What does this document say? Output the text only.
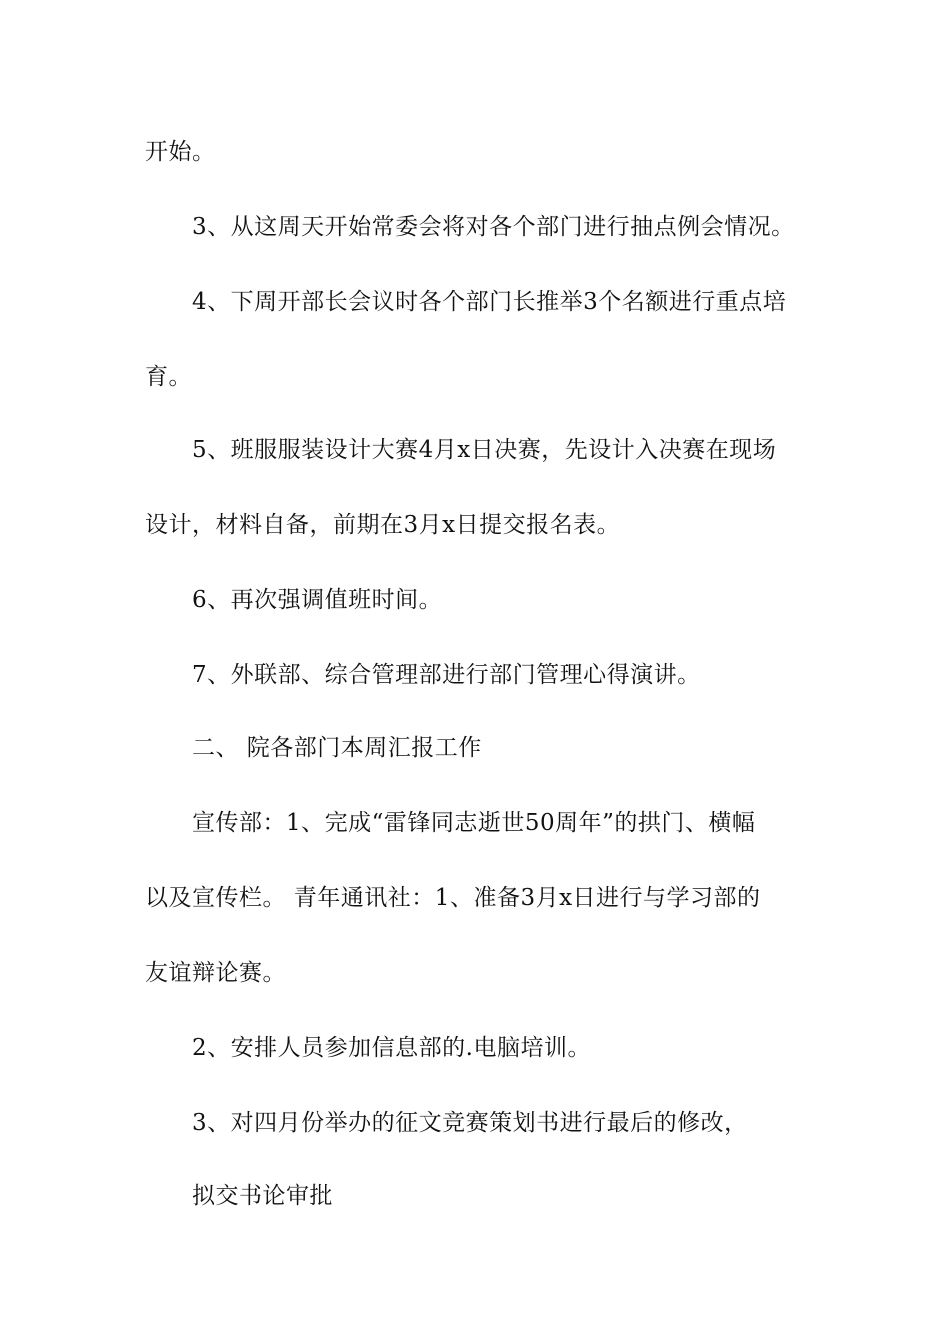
开始。
3、从这周天开始常委会将对各个部门进行抽点例会情况。
4、下周开部长会议时各个部门长推举3个名额进行重点培
育。
5、班服服装设计大赛4月x日决赛，先设计入决赛在现场
设计，材料自备，前期在3月x日提交报名表。
6、再次强调值班时间。
7、外联部、综合管理部进行部门管理心得演讲。
二、 院各部门本周汇报工作
宣传部：1、完成“雷锋同志逝世50周年”的拱门、横幅
以及宣传栏。 青年通讯社：1、准备3月x日进行与学习部的
友谊辩论赛。
2、安排人员参加信息部的.电脑培训。
3、对四月份举办的征文竞赛策划书进行最后的修改，
拟交书论审批
